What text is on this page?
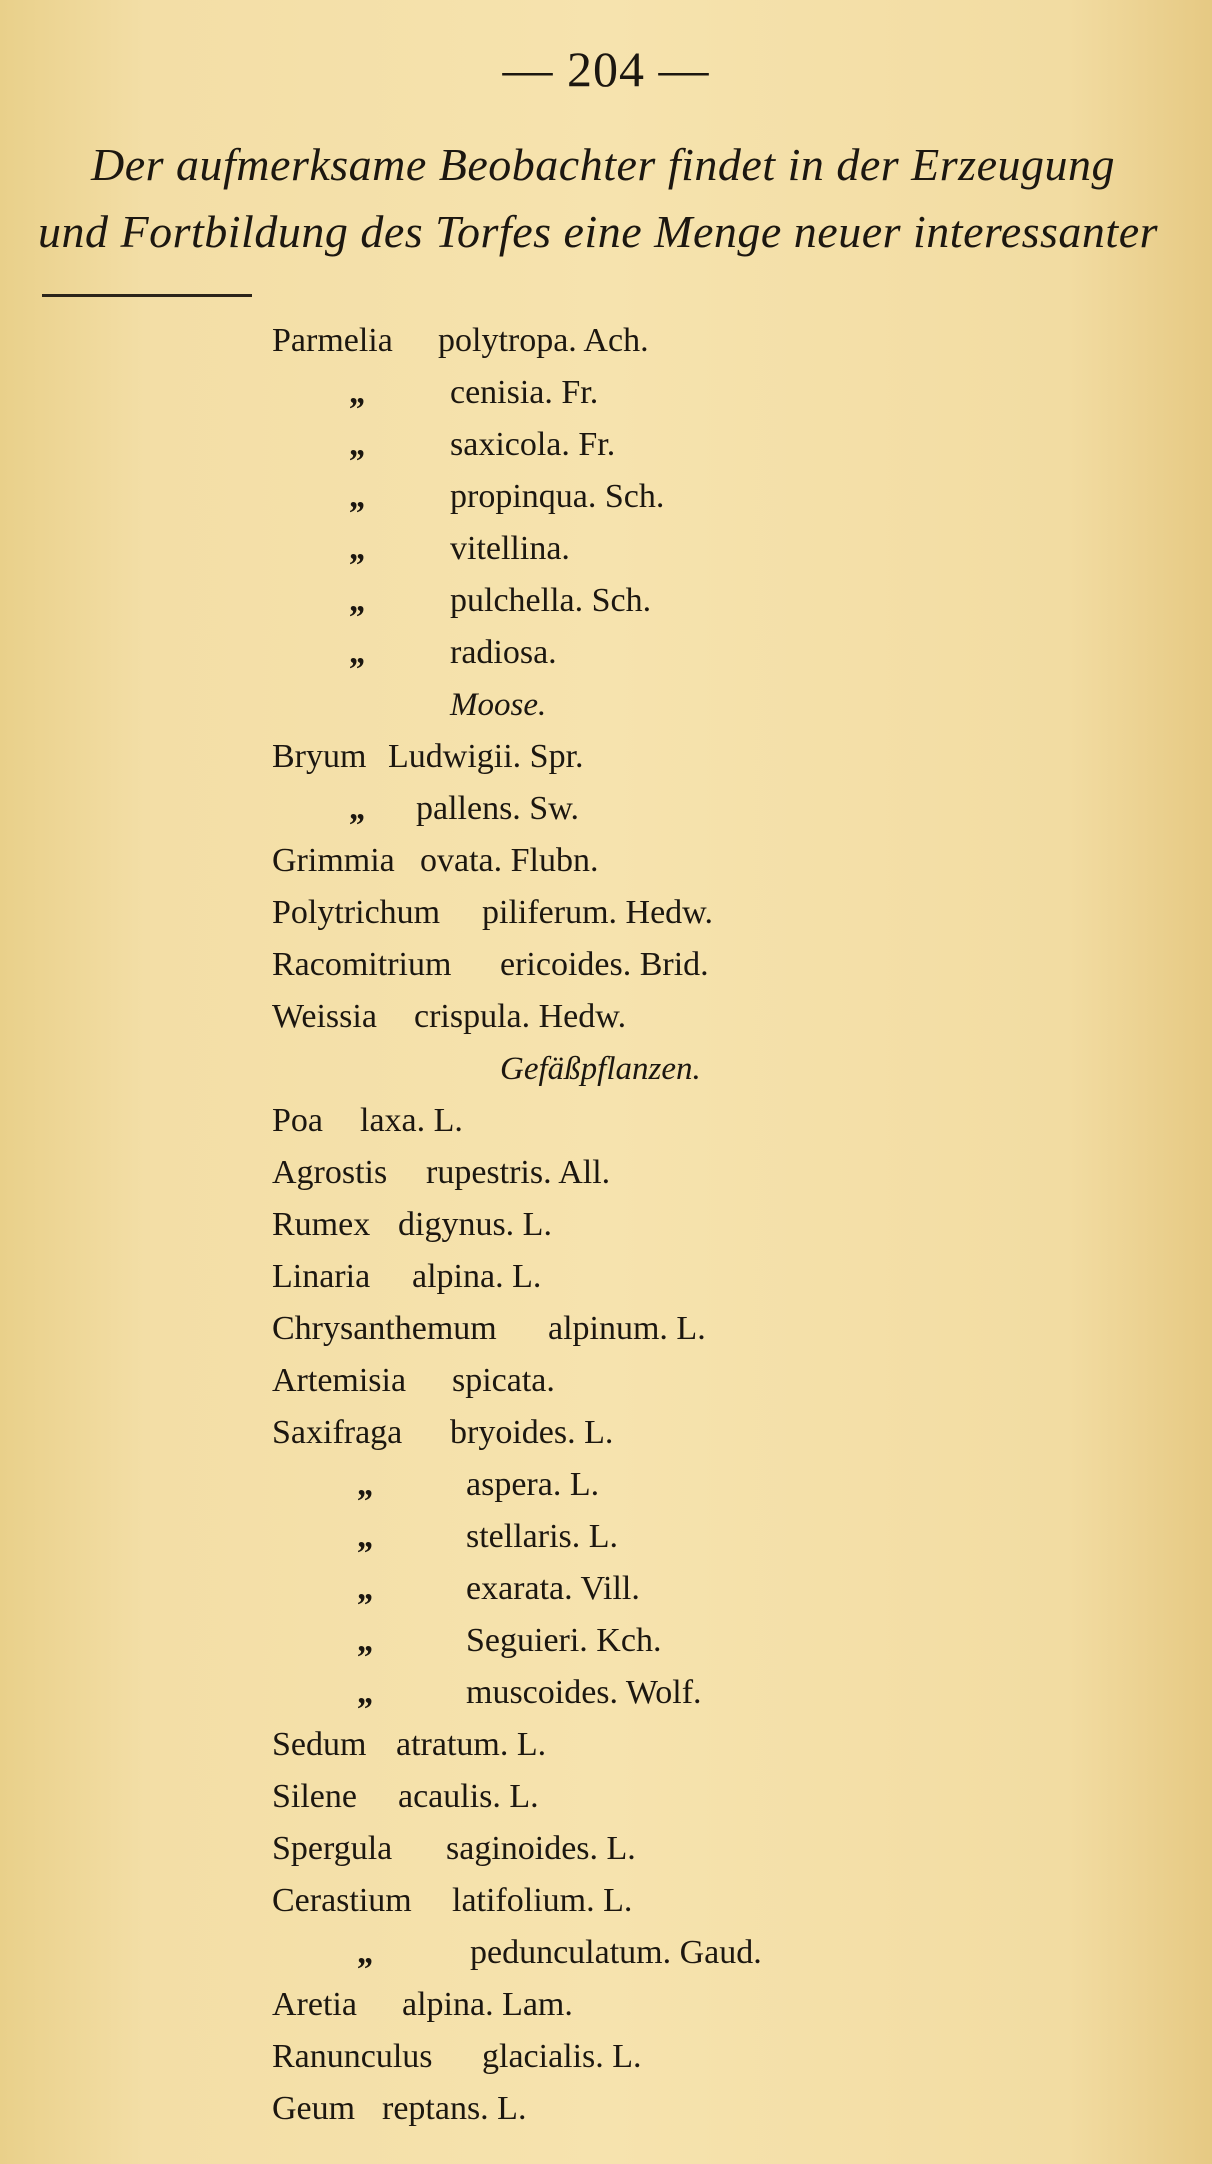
— 204 —
Der aufmerksame Beobachter findet in der Erzeugung
und Fortbildung des Torfes eine Menge neuer interessanter
Parmelia polytropa. Ach.
„ cenisia. Fr.
„ saxicola. Fr.
„ propinqua. Sch.
„ vitellina.
„ pulchella. Sch.
„ radiosa.
Moose.
Bryum Ludwigii. Spr.
„ pallens. Sw.
Grimmia ovata. Flubn.
Polytrichum piliferum. Hedw.
Racomitrium ericoides. Brid.
Weissia crispula. Hedw.
Gefäßpflanzen.
Poa laxa. L.
Agrostis rupestris. All.
Rumex digynus. L.
Linaria alpina. L.
Chrysanthemum alpinum. L.
Artemisia spicata.
Saxifraga bryoides. L.
„	aspera. L.
„	stellaris. L.
„	exarata. Vill.
„	Seguieri. Kch.
„	muscoides. Wolf.
Sedum atratum. L.
Silene acaulis. L.
Spergula saginoides. L.
Cerastium latifolium. L.
„	pedunculatum. Gaud.
Aretia alpina. Lam.
Ranunculus glacialis. L.
Geum reptans. L.
